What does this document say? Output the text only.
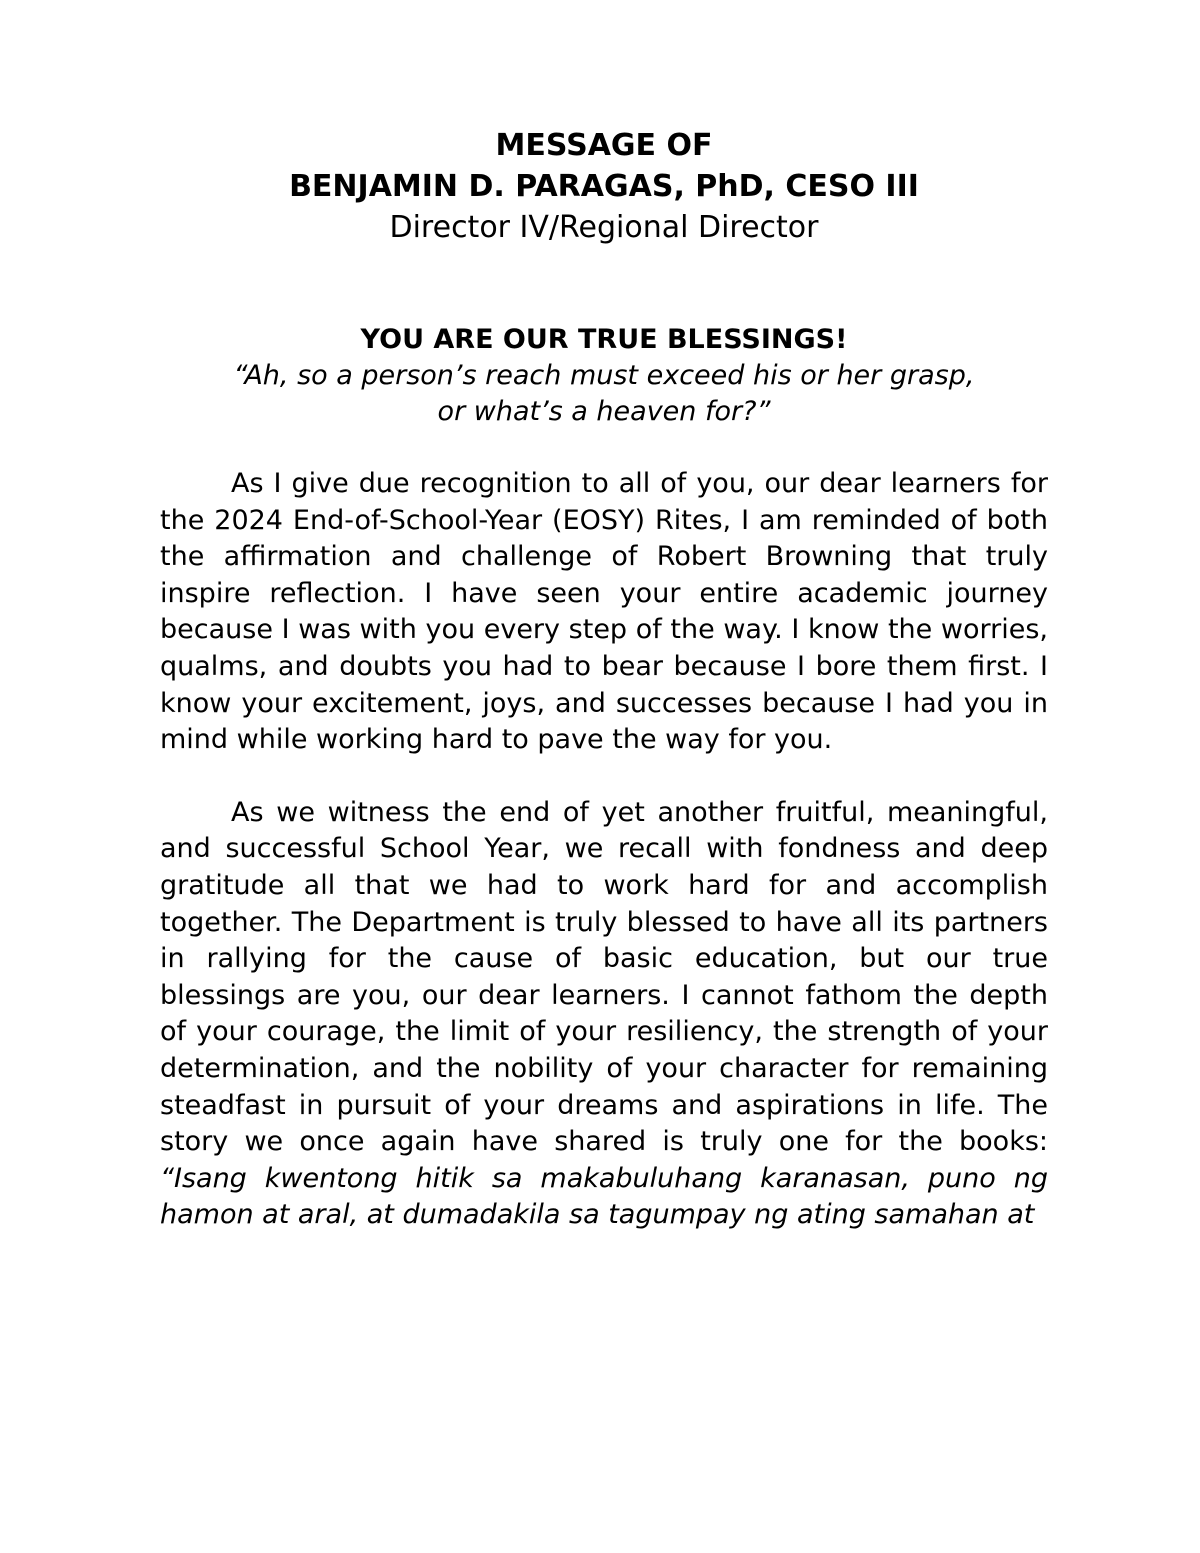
MESSAGE OF
BENJAMIN D. PARAGAS, PhD, CESO III
Director IV/Regional Director
YOU ARE OUR TRUE BLESSINGS!
“Ah, so a person’s reach must exceed his or her grasp,
or what’s a heaven for?”

As I give due recognition to all of you, our dear learners for the 2024 End-of-School-Year (EOSY) Rites, I am reminded of both the affirmation and challenge of Robert Browning that truly inspire reflection. I have seen your entire academic journey because I was with you every step of the way. I know the worries, qualms, and doubts you had to bear because I bore them first. I know your excitement, joys, and successes because I had you in mind while working hard to pave the way for you.

As we witness the end of yet another fruitful, meaningful, and successful School Year, we recall with fondness and deep gratitude all that we had to work hard for and accomplish together. The Department is truly blessed to have all its partners in rallying for the cause of basic education, but our true blessings are you, our dear learners. I cannot fathom the depth of your courage, the limit of your resiliency, the strength of your determination, and the nobility of your character for remaining steadfast in pursuit of your dreams and aspirations in life. The story we once again have shared is truly one for the books: “Isang kwentong hitik sa makabuluhang karanasan, puno ng hamon at aral, at dumadakila sa tagumpay ng ating samahan at
